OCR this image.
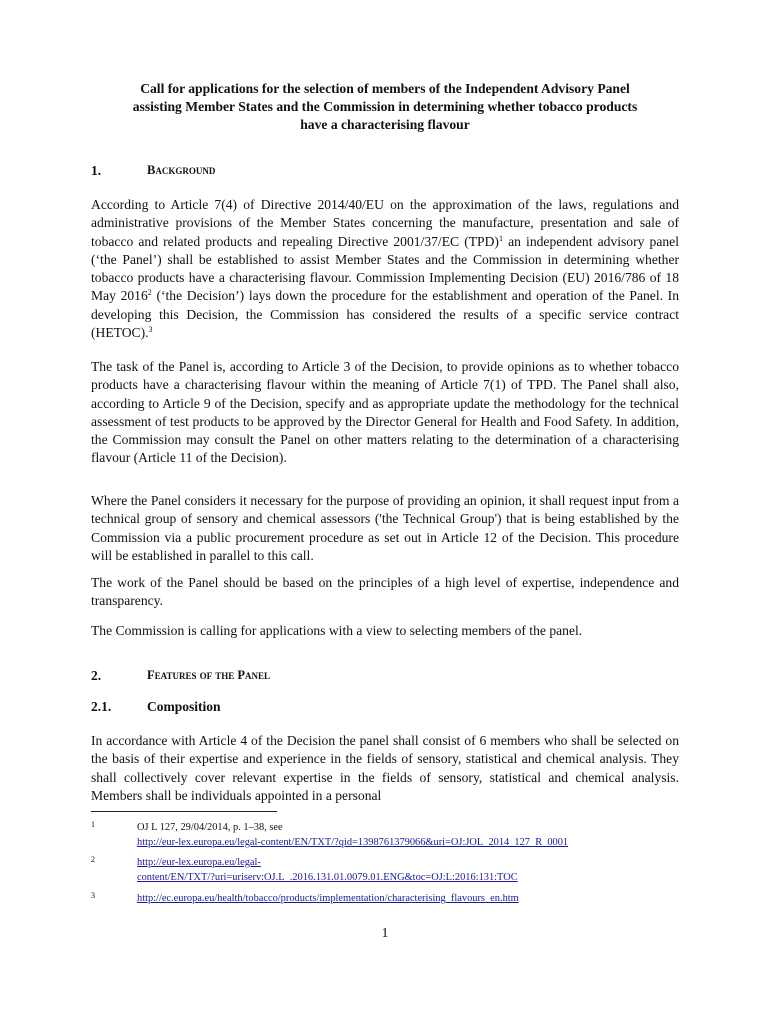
Call for applications for the selection of members of the Independent Advisory Panel
assisting Member States and the Commission in determining whether tobacco products
have a characterising flavour
1.	Background

According to Article 7(4) of Directive 2014/40/EU on the approximation of the laws, regulations and administrative provisions of the Member States concerning the manufacture, presentation and sale of tobacco and related products and repealing Directive 2001/37/EC (TPD)$^1$ an independent advisory panel (‘the Panel’) shall be established to assist Member States and the Commission in determining whether tobacco products have a characterising flavour. Commission Implementing Decision (EU) 2016/786 of 18 May 2016$^2$ (‘the Decision’) lays down the procedure for the establishment and operation of the Panel. In developing this Decision, the Commission has considered the results of a specific service contract (HETOC).$^3$

The task of the Panel is, according to Article 3 of the Decision, to provide opinions as to whether tobacco products have a characterising flavour within the meaning of Article 7(1) of TPD. The Panel shall also, according to Article 9 of the Decision, specify and as appropriate update the methodology for the technical assessment of test products to be approved by the Director General for Health and Food Safety. In addition, the Commission may consult the Panel on other matters relating to the determination of a characterising flavour (Article 11 of the Decision).

Where the Panel considers it necessary for the purpose of providing an opinion, it shall request input from a technical group of sensory and chemical assessors ('the Technical Group') that is being established by the Commission via a public procurement procedure as set out in Article 12 of the Decision. This procedure will be established in parallel to this call.

The work of the Panel should be based on the principles of a high level of expertise, independence and transparency.

The Commission is calling for applications with a view to selecting members of the panel.

2.	Features of the Panel
2.1.	Composition

In accordance with Article 4 of the Decision the panel shall consist of 6 members who shall be selected on the basis of their expertise and experience in the fields of sensory, statistical and chemical analysis. They shall collectively cover relevant expertise in the fields of sensory, statistical and chemical analysis. Members shall be individuals appointed in a personal

1	OJ L 127, 29/04/2014, p. 1–38, see
http://eur-lex.europa.eu/legal-content/EN/TXT/?qid=1398761379066&uri=OJ:JOL_2014_127_R_0001
2	http://eur-lex.europa.eu/legal-
content/EN/TXT/?uri=uriserv:OJ.L_.2016.131.01.0079.01.ENG&toc=OJ:L:2016:131:TOC
3	http://ec.europa.eu/health/tobacco/products/implementation/characterising_flavours_en.htm
1
